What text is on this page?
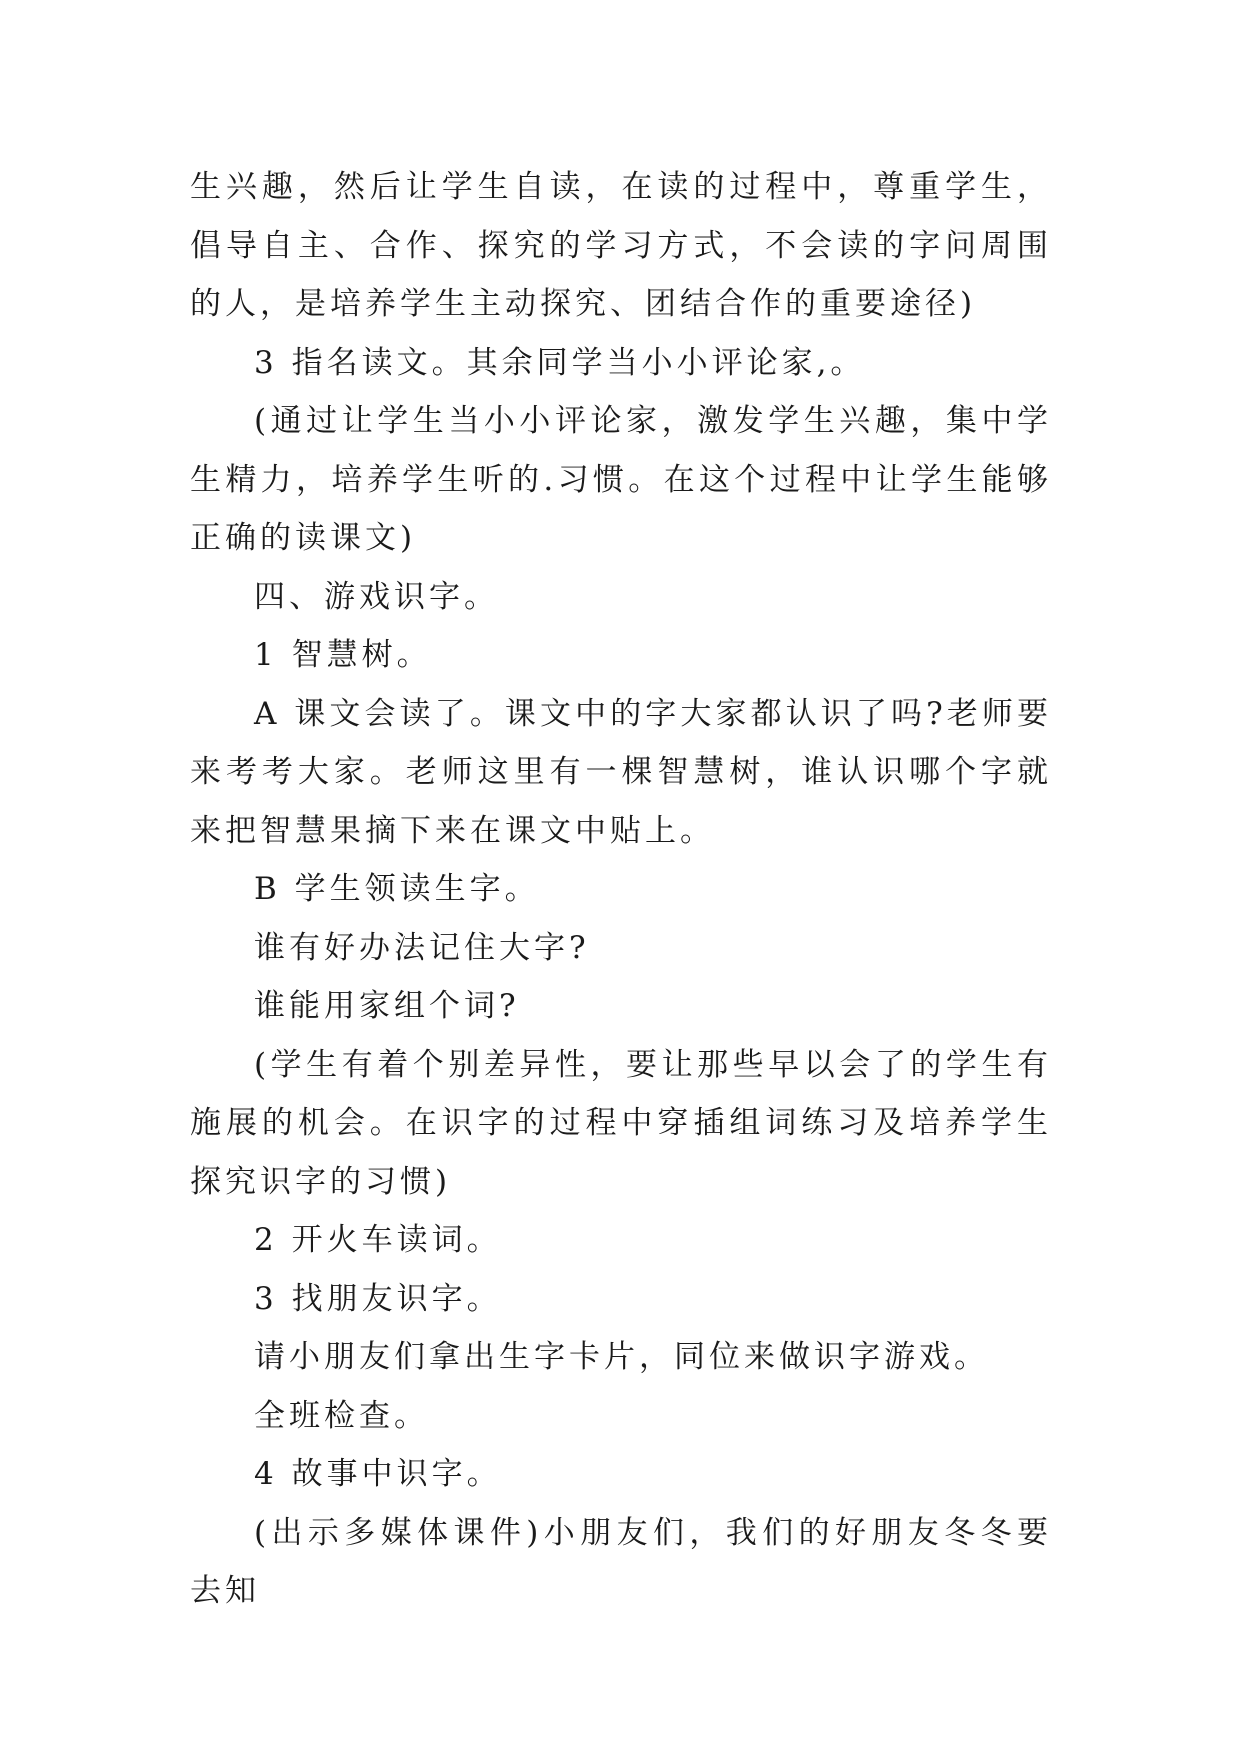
生兴趣，然后让学生自读，在读的过程中，尊重学生，倡导自主、合作、探究的学习方式，不会读的字问周围的人，是培养学生主动探究、团结合作的重要途径)

3 指名读文。其余同学当小小评论家,。

(通过让学生当小小评论家，激发学生兴趣，集中学生精力，培养学生听的.习惯。在这个过程中让学生能够正确的读课文)

四、游戏识字。

1 智慧树。

A 课文会读了。课文中的字大家都认识了吗?老师要来考考大家。老师这里有一棵智慧树，谁认识哪个字就来把智慧果摘下来在课文中贴上。

B 学生领读生字。

谁有好办法记住大字?

谁能用家组个词?

(学生有着个别差异性，要让那些早以会了的学生有施展的机会。在识字的过程中穿插组词练习及培养学生探究识字的习惯)

2 开火车读词。

3 找朋友识字。

请小朋友们拿出生字卡片，同位来做识字游戏。

全班检查。

4 故事中识字。

(出示多媒体课件)小朋友们，我们的好朋友冬冬要去知
